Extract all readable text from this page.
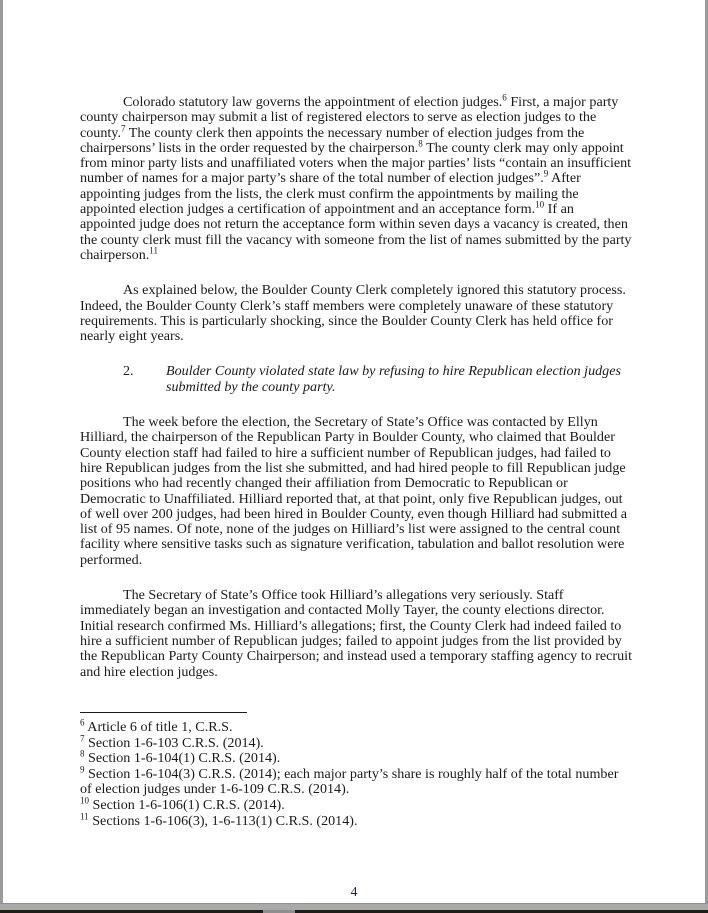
Colorado statutory law governs the appointment of election judges.$^6$ First, a major party county chairperson may submit a list of registered electors to serve as election judges to the county.$^7$ The county clerk then appoints the necessary number of election judges from the chairpersons’ lists in the order requested by the chairperson.$^8$ The county clerk may only appoint from minor party lists and unaffiliated voters when the major parties’ lists “contain an insufficient number of names for a major party’s share of the total number of election judges”.$^9$ After appointing judges from the lists, the clerk must confirm the appointments by mailing the appointed election judges a certification of appointment and an acceptance form.$^{10}$ If an appointed judge does not return the acceptance form within seven days a vacancy is created, then the county clerk must fill the vacancy with someone from the list of names submitted by the party chairperson.$^{11}$
As explained below, the Boulder County Clerk completely ignored this statutory process. Indeed, the Boulder County Clerk’s staff members were completely unaware of these statutory requirements. This is particularly shocking, since the Boulder County Clerk has held office for nearly eight years.
2. Boulder County violated state law by refusing to hire Republican election judges submitted by the county party.
The week before the election, the Secretary of State’s Office was contacted by Ellyn Hilliard, the chairperson of the Republican Party in Boulder County, who claimed that Boulder County election staff had failed to hire a sufficient number of Republican judges, had failed to hire Republican judges from the list she submitted, and had hired people to fill Republican judge positions who had recently changed their affiliation from Democratic to Republican or Democratic to Unaffiliated. Hilliard reported that, at that point, only five Republican judges, out of well over 200 judges, had been hired in Boulder County, even though Hilliard had submitted a list of 95 names. Of note, none of the judges on Hilliard’s list were assigned to the central count facility where sensitive tasks such as signature verification, tabulation and ballot resolution were performed.
The Secretary of State’s Office took Hilliard’s allegations very seriously. Staff immediately began an investigation and contacted Molly Tayer, the county elections director. Initial research confirmed Ms. Hilliard’s allegations; first, the County Clerk had indeed failed to hire a sufficient number of Republican judges; failed to appoint judges from the list provided by the Republican Party County Chairperson; and instead used a temporary staffing agency to recruit and hire election judges.
$^6$ Article 6 of title 1, C.R.S.
$^7$ Section 1-6-103 C.R.S. (2014).
$^8$ Section 1-6-104(1) C.R.S. (2014).
$^9$ Section 1-6-104(3) C.R.S. (2014); each major party’s share is roughly half of the total number of election judges under 1-6-109 C.R.S. (2014).
$^{10}$ Section 1-6-106(1) C.R.S. (2014).
$^{11}$ Sections 1-6-106(3), 1-6-113(1) C.R.S. (2014).
4
